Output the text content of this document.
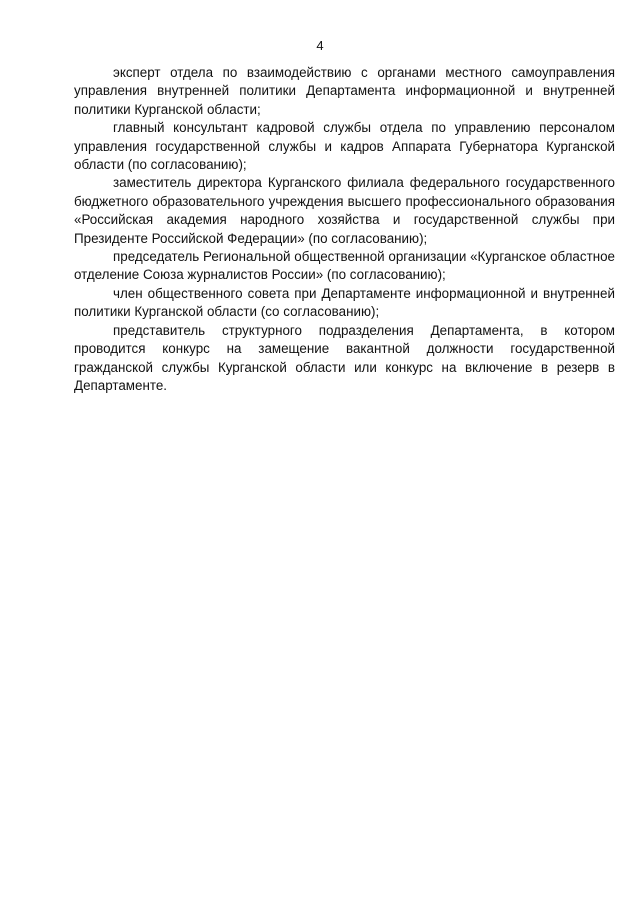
4

эксперт отдела по взаимодействию с органами местного самоуправления управления внутренней политики Департамента информационной и внутренней политики Курганской области;

главный консультант кадровой службы отдела по управлению персоналом управления государственной службы и кадров Аппарата Губернатора Курганской области (по согласованию);

заместитель директора Курганского филиала федерального государственного бюджетного образовательного учреждения высшего профессионального образования «Российская академия народного хозяйства и государственной службы при Президенте Российской Федерации» (по согласованию);

председатель Региональной общественной организации «Курганское областное отделение Союза журналистов России» (по согласованию);

член общественного совета при Департаменте информационной и внутренней политики Курганской области (со согласованию);

представитель структурного подразделения Департамента, в котором проводится конкурс на замещение вакантной должности государственной гражданской службы Курганской области или конкурс на включение в резерв в Департаменте.
